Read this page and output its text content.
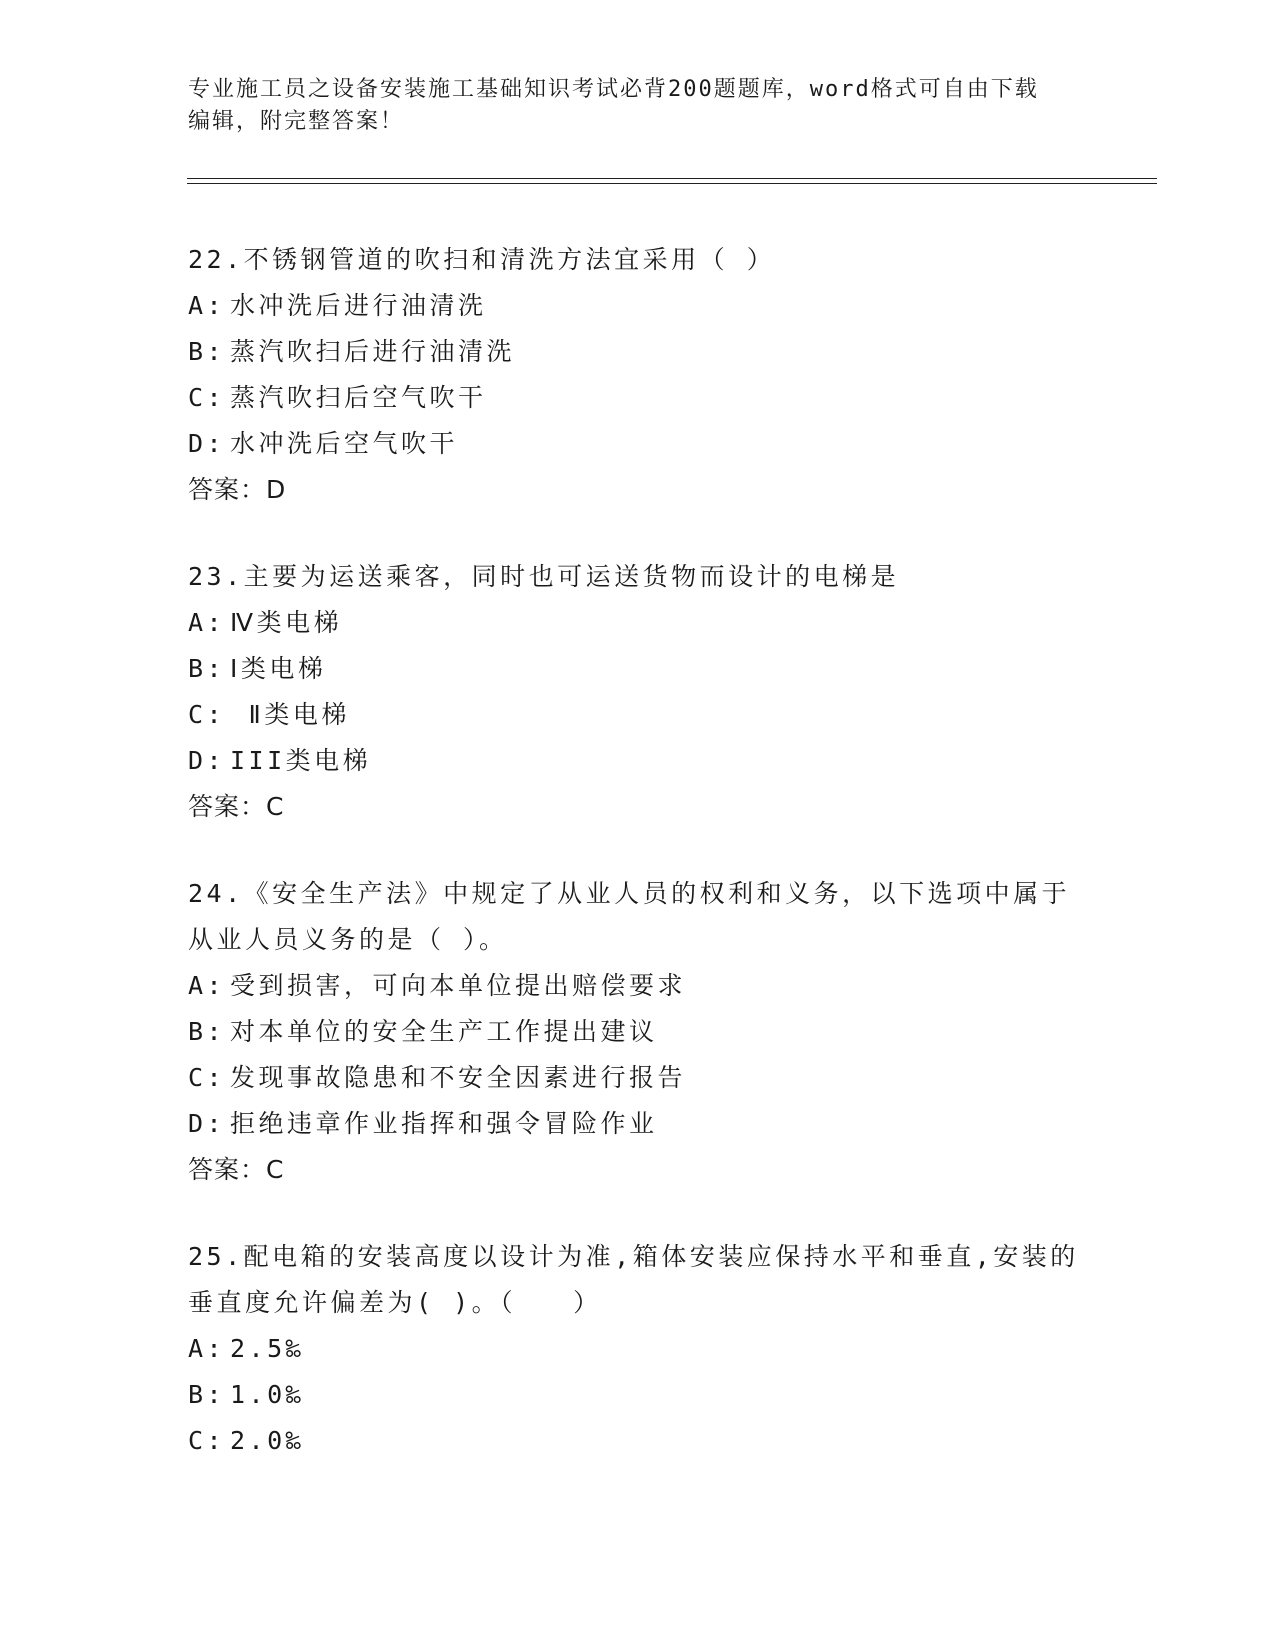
专业施工员之设备安装施工基础知识考试必背200题题库，word格式可自由下载
编辑，附完整答案！
22.不锈钢管道的吹扫和清洗方法宜采用（ ）
A: 水冲洗后进行油清洗
B: 蒸汽吹扫后进行油清洗
C: 蒸汽吹扫后空气吹干
D: 水冲洗后空气吹干
答案：D
23.主要为运送乘客，同时也可运送货物而设计的电梯是
A: Ⅳ类电梯
B: Ⅰ类电梯
C: Ⅱ类电梯
D: III类电梯
答案：C
24.《安全生产法》中规定了从业人员的权利和义务，以下选项中属于
从业人员义务的是（ ）。
A: 受到损害，可向本单位提出赔偿要求
B: 对本单位的安全生产工作提出建议
C: 发现事故隐患和不安全因素进行报告
D: 拒绝违章作业指挥和强令冒险作业
答案：C
25.配电箱的安装高度以设计为准,箱体安装应保持水平和垂直,安装的
垂直度允许偏差为( )。（　　）
A: 2.5‰
B: 1.0‰
C: 2.0‰
